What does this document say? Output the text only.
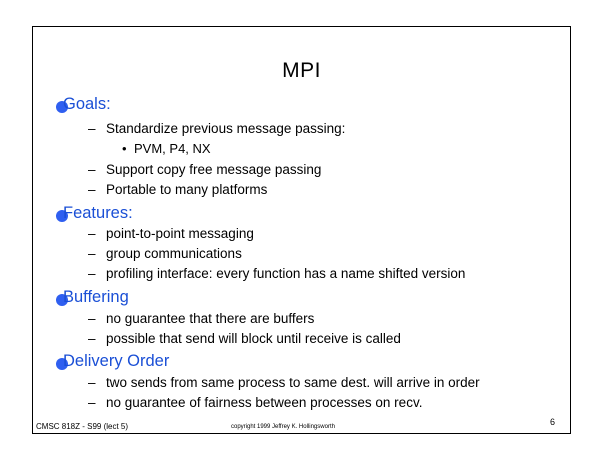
MPI
Goals:
– Standardize previous message passing:
• PVM, P4, NX
– Support copy free message passing
– Portable to many platforms
Features:
– point-to-point messaging
– group communications
– profiling interface: every function has a name shifted version
Buffering
– no guarantee that there are buffers
– possible that send will block until receive is called
Delivery Order
– two sends from same process to same dest. will arrive in order
– no guarantee of fairness between processes on recv.
CMSC 818Z - S99 (lect 5)	copyright 1999 Jeffrey K. Hollingsworth	6
